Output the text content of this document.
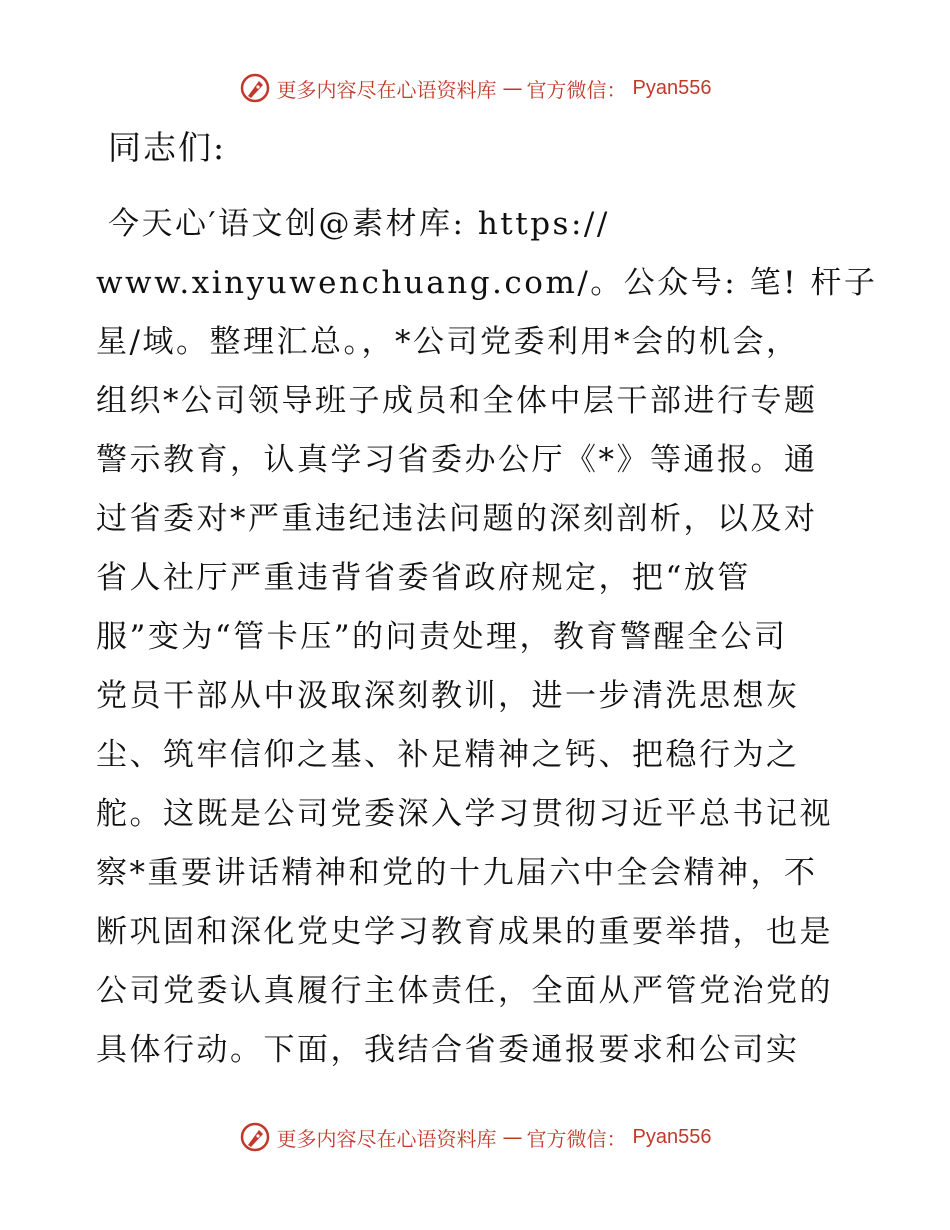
更多内容尽在心语资料库 — 官方微信： Pyan556

同志们:

今天心′语文创@素材库: https://
www.xinyuwenchuang.com/。公众号: 笔! 杆子
星/域。整理汇总。，*公司党委利用*会的机会，
组织*公司领导班子成员和全体中层干部进行专题
警示教育，认真学习省委办公厅《*》等通报。通
过省委对*严重违纪违法问题的深刻剖析，以及对
省人社厅严重违背省委省政府规定，把“放管
服”变为“管卡压”的问责处理，教育警醒全公司
党员干部从中汲取深刻教训，进一步清洗思想灰
尘、筑牢信仰之基、补足精神之钙、把稳行为之
舵。这既是公司党委深入学习贯彻习近平总书记视
察*重要讲话精神和党的十九届六中全会精神，不
断巩固和深化党史学习教育成果的重要举措，也是
公司党委认真履行主体责任，全面从严管党治党的
具体行动。下面，我结合省委通报要求和公司实
更多内容尽在心语资料库 — 官方微信： Pyan556
